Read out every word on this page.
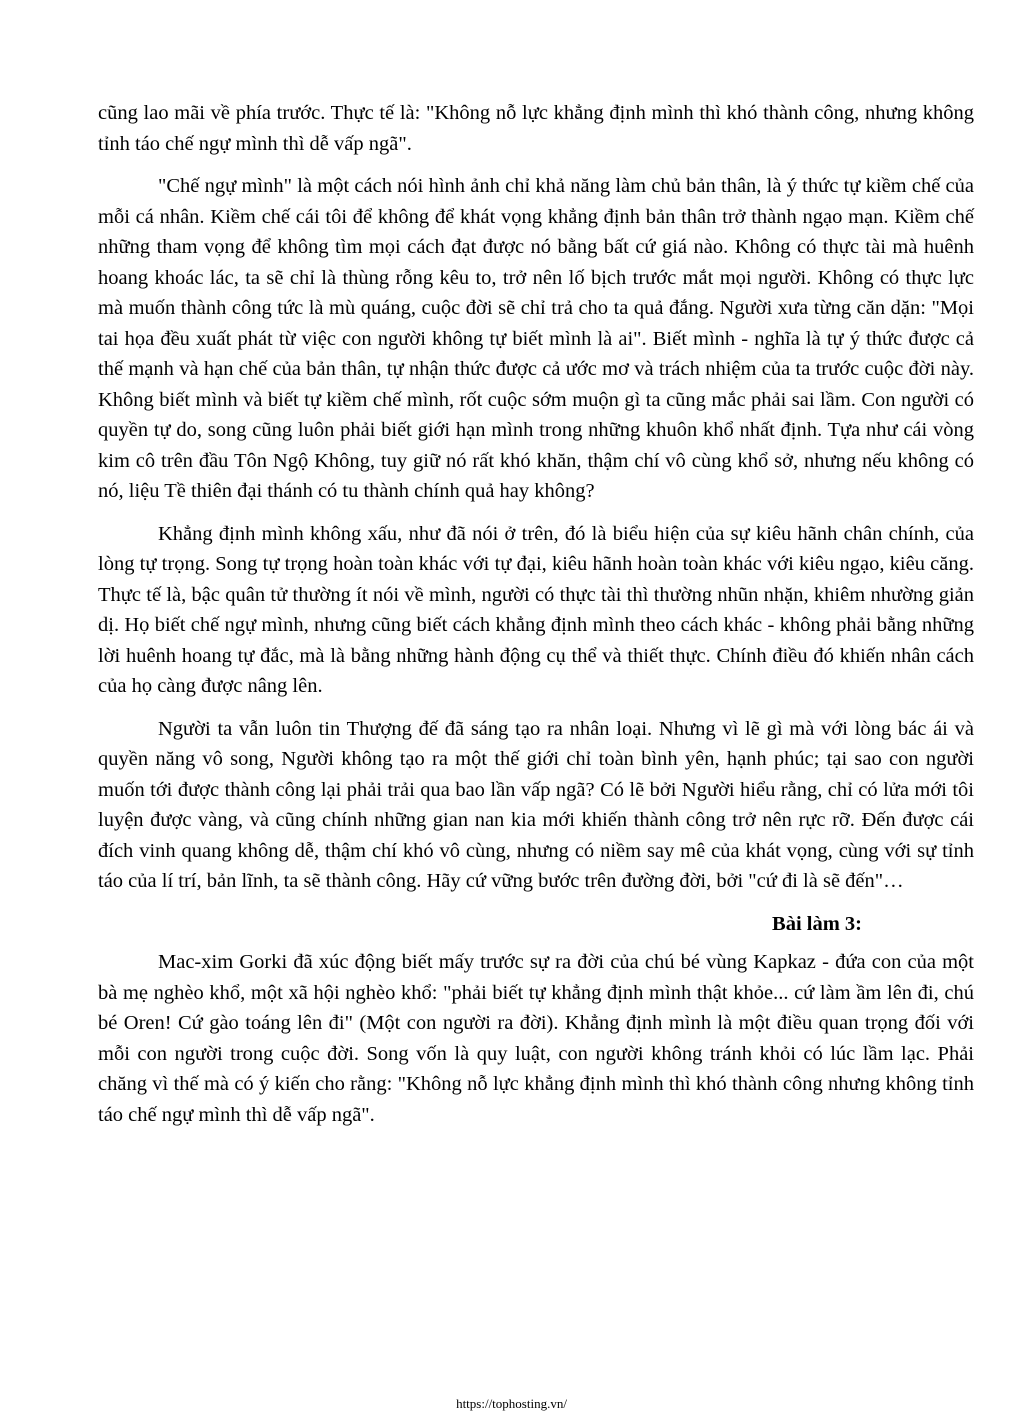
cũng lao mãi về phía trước. Thực tế là: "Không nỗ lực khẳng định mình thì khó thành công, nhưng không tỉnh táo chế ngự mình thì dễ vấp ngã".

"Chế ngự mình" là một cách nói hình ảnh chỉ khả năng làm chủ bản thân, là ý thức tự kiềm chế của mỗi cá nhân. Kiềm chế cái tôi để không để khát vọng khẳng định bản thân trở thành ngạo mạn. Kiềm chế những tham vọng để không tìm mọi cách đạt được nó bằng bất cứ giá nào. Không có thực tài mà huênh hoang khoác lác, ta sẽ chỉ là thùng rỗng kêu to, trở nên lố bịch trước mắt mọi người. Không có thực lực mà muốn thành công tức là mù quáng, cuộc đời sẽ chỉ trả cho ta quả đắng. Người xưa từng căn dặn: "Mọi tai họa đều xuất phát từ việc con người không tự biết mình là ai". Biết mình - nghĩa là tự ý thức được cả thế mạnh và hạn chế của bản thân, tự nhận thức được cả ước mơ và trách nhiệm của ta trước cuộc đời này. Không biết mình và biết tự kiềm chế mình, rốt cuộc sớm muộn gì ta cũng mắc phải sai lầm. Con người có quyền tự do, song cũng luôn phải biết giới hạn mình trong những khuôn khổ nhất định. Tựa như cái vòng kim cô trên đầu Tôn Ngộ Không, tuy giữ nó rất khó khăn, thậm chí vô cùng khổ sở, nhưng nếu không có nó, liệu Tề thiên đại thánh có tu thành chính quả hay không?

Khẳng định mình không xấu, như đã nói ở trên, đó là biểu hiện của sự kiêu hãnh chân chính, của lòng tự trọng. Song tự trọng hoàn toàn khác với tự đại, kiêu hãnh hoàn toàn khác với kiêu ngạo, kiêu căng. Thực tế là, bậc quân tử thường ít nói về mình, người có thực tài thì thường nhũn nhặn, khiêm nhường giản dị. Họ biết chế ngự mình, nhưng cũng biết cách khẳng định mình theo cách khác - không phải bằng những lời huênh hoang tự đắc, mà là bằng những hành động cụ thể và thiết thực. Chính điều đó khiến nhân cách của họ càng được nâng lên.

Người ta vẫn luôn tin Thượng đế đã sáng tạo ra nhân loại. Nhưng vì lẽ gì mà với lòng bác ái và quyền năng vô song, Người không tạo ra một thế giới chỉ toàn bình yên, hạnh phúc; tại sao con người muốn tới được thành công lại phải trải qua bao lần vấp ngã? Có lẽ bởi Người hiểu rằng, chỉ có lửa mới tôi luyện được vàng, và cũng chính những gian nan kia mới khiến thành công trở nên rực rỡ. Đến được cái đích vinh quang không dễ, thậm chí khó vô cùng, nhưng có niềm say mê của khát vọng, cùng với sự tỉnh táo của lí trí, bản lĩnh, ta sẽ thành công. Hãy cứ vững bước trên đường đời, bởi "cứ đi là sẽ đến"…

Bài làm 3:

Mac-xim Gorki đã xúc động biết mấy trước sự ra đời của chú bé vùng Kapkaz - đứa con của một bà mẹ nghèo khổ, một xã hội nghèo khổ: "phải biết tự khẳng định mình thật khỏe... cứ làm ầm lên đi, chú bé Oren! Cứ gào toáng lên đi" (Một con người ra đời). Khẳng định mình là một điều quan trọng đối với mỗi con người trong cuộc đời. Song vốn là quy luật, con người không tránh khỏi có lúc lầm lạc. Phải chăng vì thế mà có ý kiến cho rằng: "Không nỗ lực khẳng định mình thì khó thành công nhưng không tỉnh táo chế ngự mình thì dễ vấp ngã".

https://tophosting.vn/
